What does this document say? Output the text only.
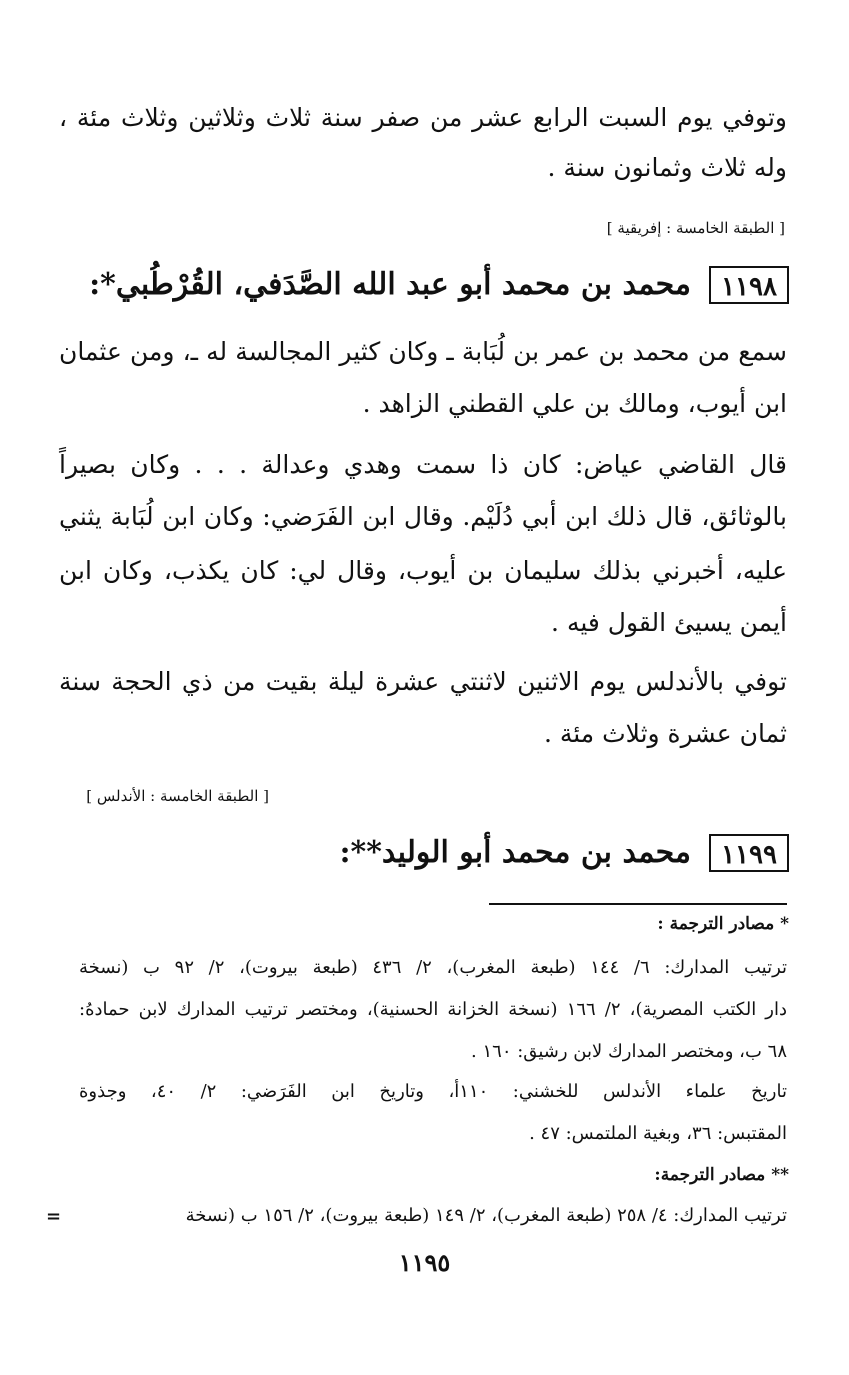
وتوفي يوم السبت الرابع عشر من صفر سنة ثلاث وثلاثين وثلاث مئة ،
وله ثلاث وثمانون سنة .
[ الطبقة الخامسة : إفريقية ]
١١٩٨
محمد بن محمد أبو عبد الله الصَّدَفي، القُرْطُبي*:
سمع من محمد بن عمر بن لُبَابة ـ وكان كثير المجالسة له ـ، ومن عثمان
ابن أيوب، ومالك بن علي القطني الزاهد .
قال القاضي عياض: كان ذا سمت وهدي وعدالة . . . وكان بصيراً
بالوثائق، قال ذلك ابن أبي دُلَيْم. وقال ابن الفَرَضي: وكان ابن لُبَابة يثني
عليه، أخبرني بذلك سليمان بن أيوب، وقال لي: كان يكذب، وكان ابن
أيمن يسيئ القول فيه .
توفي بالأندلس يوم الاثنين لاثنتي عشرة ليلة بقيت من ذي الحجة سنة
ثمان عشرة وثلاث مئة .
[ الطبقة الخامسة : الأندلس ]
١١٩٩
محمد بن محمد أبو الوليد**:
* مصادر الترجمة :
ترتيب المدارك: ٦/ ١٤٤ (طبعة المغرب)، ٢/ ٤٣٦ (طبعة بيروت)، ٢/ ٩٢ ب (نسخة
دار الكتب المصرية)، ٢/ ١٦٦ (نسخة الخزانة الحسنية)، ومختصر ترتيب المدارك لابن حمادهُ:
٦٨ ب، ومختصر المدارك لابن رشيق: ١٦٠ .
تاريخ علماء الأندلس للخشني: ١١٠أ، وتاريخ ابن الفَرَضي: ٢/ ٤٠، وجذوة
المقتبس: ٣٦، وبغية الملتمس: ٤٧ .
** مصادر الترجمة:
ترتيب المدارك: ٤/ ٢٥٨ (طبعة المغرب)، ٢/ ١٤٩ (طبعة بيروت)، ٢/ ١٥٦ ب (نسخة
=
١١٩٥
